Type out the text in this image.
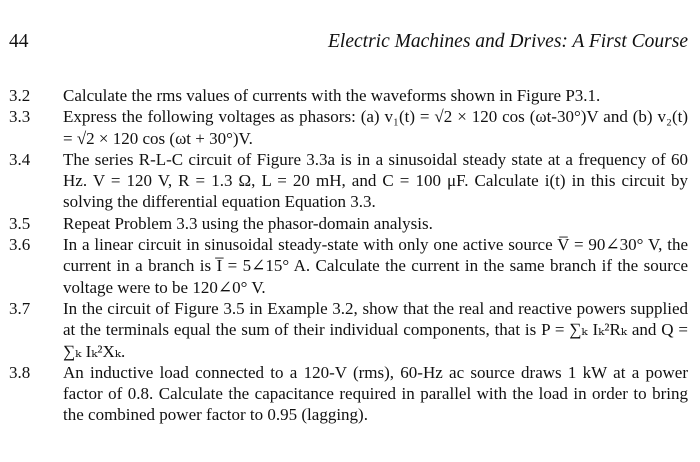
44	Electric Machines and Drives: A First Course
3.2 Calculate the rms values of currents with the waveforms shown in Figure P3.1.
3.3 Express the following voltages as phasors: (a) v₁(t) = √2 × 120 cos (ωt-30°)V and (b) v₂(t) = √2 × 120 cos (ωt + 30°)V.
3.4 The series R-L-C circuit of Figure 3.3a is in a sinusoidal steady state at a frequency of 60 Hz. V = 120 V, R = 1.3 Ω, L = 20 mH, and C = 100 μF. Calculate i(t) in this circuit by solving the differential equation Equation 3.3.
3.5 Repeat Problem 3.3 using the phasor-domain analysis.
3.6 In a linear circuit in sinusoidal steady-state with only one active source V̅ = 90∠30° V, the current in a branch is I̅ = 5∠15° A. Calculate the current in the same branch if the source voltage were to be 120∠0° V.
3.7 In the circuit of Figure 3.5 in Example 3.2, show that the real and reactive powers supplied at the terminals equal the sum of their individual components, that is P = ∑ₖ Iₖ²Rₖ and Q = ∑ₖ Iₖ²Xₖ.
3.8 An inductive load connected to a 120-V (rms), 60-Hz ac source draws 1 kW at a power factor of 0.8. Calculate the capacitance required in parallel with the load in order to bring the combined power factor to 0.95 (lagging).
